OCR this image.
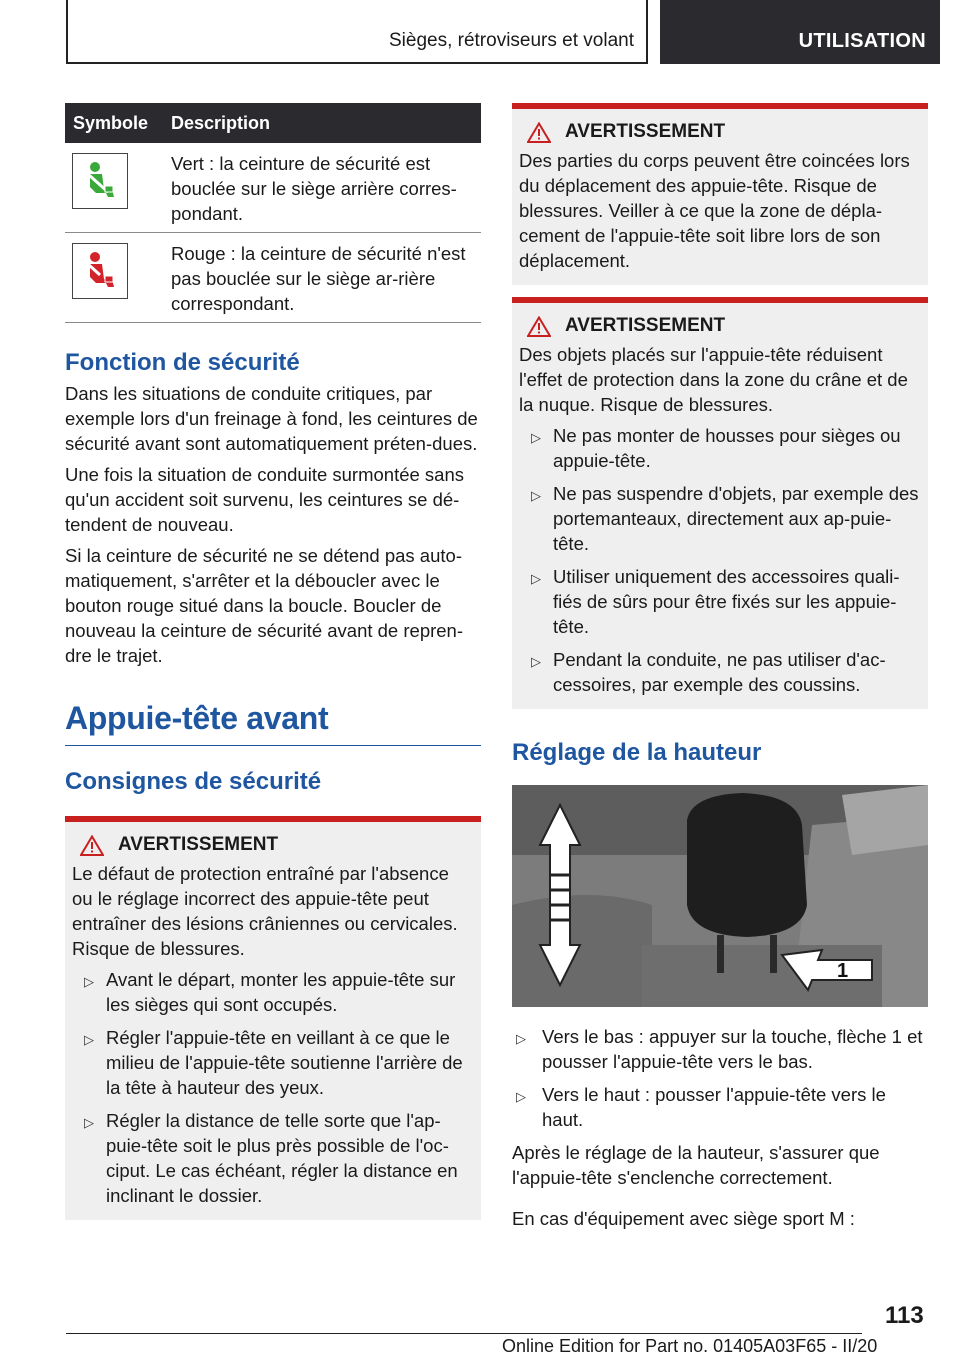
Sièges, rétroviseurs et volant	UTILISATION
Symbole Description
Vert : la ceinture de sécurité est bouclée sur le siège arrière corres-pondant.
Rouge : la ceinture de sécurité n'est pas bouclée sur le siège ar-rière correspondant.
Fonction de sécurité

Dans les situations de conduite critiques, par exemple lors d'un freinage à fond, les ceintures de sécurité avant sont automatiquement préten-dues.

Une fois la situation de conduite surmontée sans qu'un accident soit survenu, les ceintures se dé-tendent de nouveau.

Si la ceinture de sécurité ne se détend pas auto-matiquement, s'arrêter et la déboucler avec le bouton rouge situé dans la boucle. Boucler de nouveau la ceinture de sécurité avant de repren-dre le trajet.

Appuie-tête avant
Consignes de sécurité
AVERTISSEMENT

Le défaut de protection entraîné par l'absence ou le réglage incorrect des appuie-tête peut entraîner des lésions crâniennes ou cervicales. Risque de blessures.

▷ Avant le départ, monter les appuie-tête sur les sièges qui sont occupés.
▷ Régler l'appuie-tête en veillant à ce que le milieu de l'appuie-tête soutienne l'arrière de la tête à hauteur des yeux.
▷ Régler la distance de telle sorte que l'ap-puie-tête soit le plus près possible de l'oc-ciput. Le cas échéant, régler la distance en inclinant le dossier.
AVERTISSEMENT

Des parties du corps peuvent être coincées lors du déplacement des appuie-tête. Risque de blessures. Veiller à ce que la zone de dépla-cement de l'appuie-tête soit libre lors de son déplacement.

AVERTISSEMENT

Des objets placés sur l'appuie-tête réduisent l'effet de protection dans la zone du crâne et de la nuque. Risque de blessures.

▷ Ne pas monter de housses pour sièges ou appuie-tête.
▷ Ne pas suspendre d'objets, par exemple des portemanteaux, directement aux ap-puie-tête.
▷ Utiliser uniquement des accessoires quali-fiés de sûrs pour être fixés sur les appuie-tête.
▷ Pendant la conduite, ne pas utiliser d'ac-cessoires, par exemple des coussins.
Réglage de la hauteur
1
▷ Vers le bas : appuyer sur la touche, flèche 1 et pousser l'appuie-tête vers le bas.
▷ Vers le haut : pousser l'appuie-tête vers le haut.

Après le réglage de la hauteur, s'assurer que l'appuie-tête s'enclenche correctement.

En cas d'équipement avec siège sport M :

113
Online Edition for Part no. 01405A03F65 - II/20
